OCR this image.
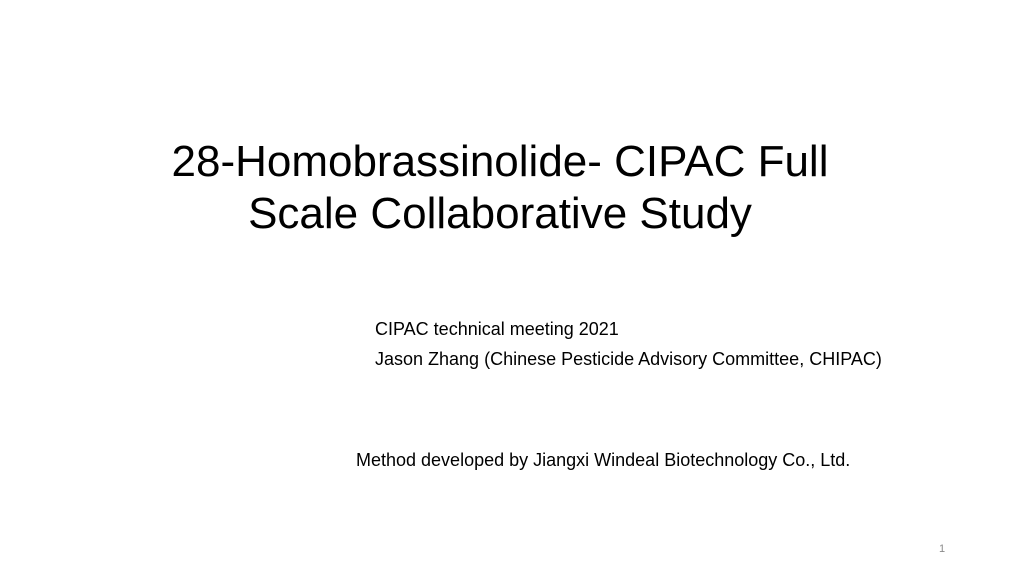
28-Homobrassinolide- CIPAC Full
Scale Collaborative Study
CIPAC technical meeting 2021
Jason Zhang (Chinese Pesticide Advisory Committee, CHIPAC)
Method developed by Jiangxi Windeal Biotechnology Co., Ltd.
1
